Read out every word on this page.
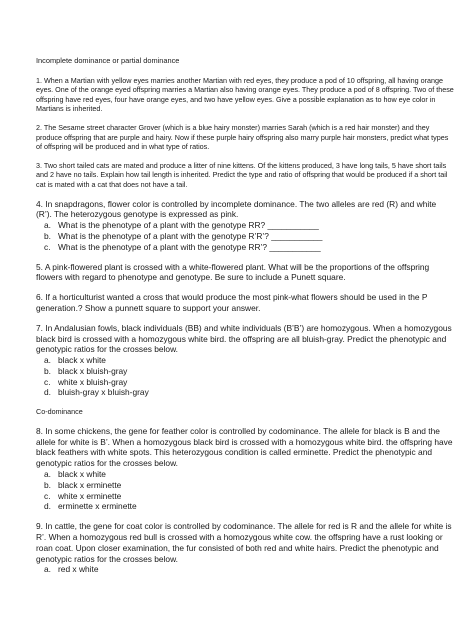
Incomplete dominance or partial dominance

1. When a Martian with yellow eyes marries another Martian with red eyes, they produce a pod of 10 offspring, all having orange eyes. One of the orange eyed offspring marries a Martian also having orange eyes. They produce a pod of 8 offspring. Two of these offspring have red eyes, four have orange eyes, and two have yellow eyes. Give a possible explanation as to how eye color in Martians is inherited.

2. The Sesame street character Grover (which is a blue hairy monster) marries Sarah (which is a red hair monster) and they produce offspring that are purple and hairy. Now if these purple hairy offspring also marry purple hair monsters, predict what types of offspring will be produced and in what type of ratios.

3. Two short tailed cats are mated and produce a litter of nine kittens. Of the kittens produced, 3 have long tails, 5 have short tails and 2 have no tails. Explain how tail length is inherited. Predict the type and ratio of offspring that would be produced if a short tail cat is mated with a cat that does not have a tail.

4. In snapdragons, flower color is controlled by incomplete dominance. The two alleles are red (R) and white (R’). The heterozygous genotype is expressed as pink.

a. What is the phenotype of a plant with the genotype RR? ___________
b. What is the phenotype of a plant with the genotype R’R’? ___________
c. What is the phenotype of a plant with the genotype RR’? ___________

5. A pink-flowered plant is crossed with a white-flowered plant. What will be the proportions of the offspring flowers with regard to phenotype and genotype. Be sure to include a Punett square.

6. If a horticulturist wanted a cross that would produce the most pink-what flowers should be used in the P generation.? Show a punnett square to support your answer.

7. In Andalusian fowls, black individuals (BB) and white individuals (B’B’) are homozygous. When a homozygous black bird is crossed with a homozygous white bird. the offspring are all bluish-gray. Predict the phenotypic and genotypic ratios for the crosses below.

a. black x white
b. black x bluish-gray
c. white x bluish-gray
d. bluish-gray x bluish-gray

Co-dominance

8. In some chickens, the gene for feather color is controlled by codominance. The allele for black is B and the allele for white is B’. When a homozygous black bird is crossed with a homozygous white bird. the offspring have black feathers with white spots. This heterozygous condition is called erminette. Predict the phenotypic and genotypic ratios for the crosses below.

a. black x white
b. black x erminette
c. white x erminette
d. erminette x erminette

9. In cattle, the gene for coat color is controlled by codominance. The allele for red is R and the allele for white is R’. When a homozygous red bull is crossed with a homozygous white cow. the offspring have a rust looking or roan coat. Upon closer examination, the fur consisted of both red and white hairs. Predict the phenotypic and genotypic ratios for the crosses below.

a. red x white
